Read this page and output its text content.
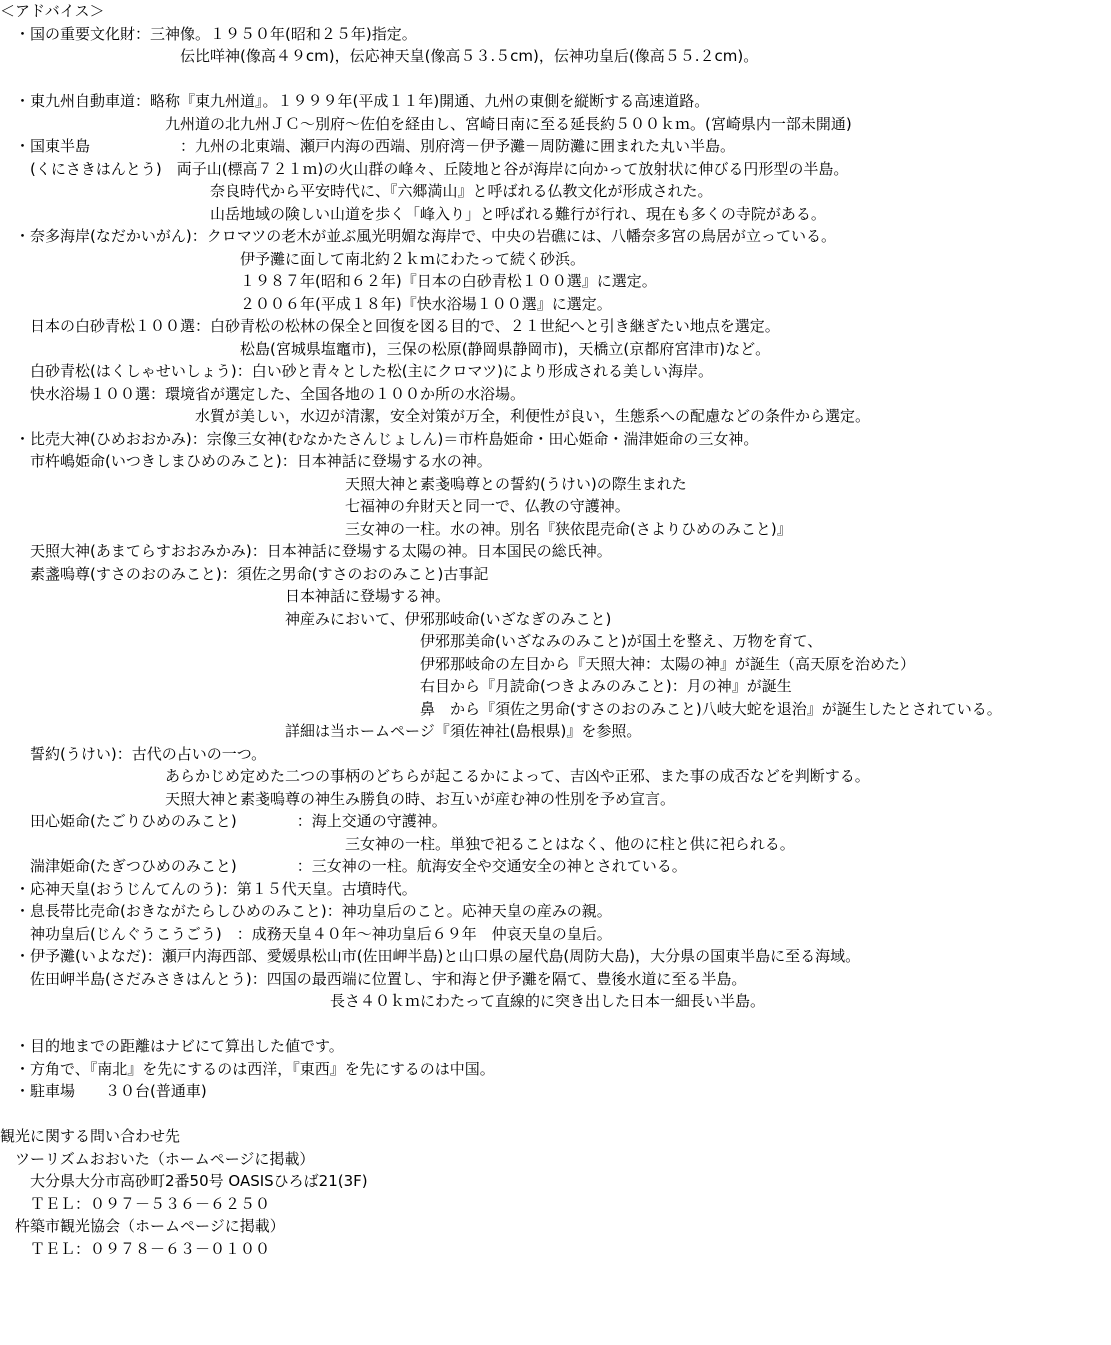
＜アドバイス＞
　・国の重要文化財：三神像。１９５０年(昭和２５年)指定。
　　　　　　　　　　　　伝比咩神(像高４９cm)，伝応神天皇(像高５３.５cm)，伝神功皇后(像高５５.２cm)。
　・東九州自動車道：略称『東九州道』。１９９９年(平成１１年)開通、九州の東側を縦断する高速道路。
　　　　　　　　　　　九州道の北九州ＪＣ～別府～佐伯を経由し、宮崎日南に至る延長約５００ｋｍ。(宮崎県内一部未開通)
　・国東半島　　　　　　：九州の北東端、瀬戸内海の西端、別府湾－伊予灘－周防灘に囲まれた丸い半島。
　　(くにさきはんとう)　両子山(標高７２１ｍ)の火山群の峰々、丘陵地と谷が海岸に向かって放射状に伸びる円形型の半島。
　　　　　　　　　　　　　　奈良時代から平安時代に、『六郷満山』と呼ばれる仏教文化が形成された。
　　　　　　　　　　　　　　山岳地域の険しい山道を歩く「峰入り」と呼ばれる難行が行れ、現在も多くの寺院がある。
　・奈多海岸(なだかいがん)：クロマツの老木が並ぶ風光明媚な海岸で、中央の岩礁には、八幡奈多宮の鳥居が立っている。
　　　　　　　　　　　　　　　　伊予灘に面して南北約２ｋｍにわたって続く砂浜。
　　　　　　　　　　　　　　　　１９８７年(昭和６２年)『日本の白砂青松１００選』に選定。
　　　　　　　　　　　　　　　　２００６年(平成１８年)『快水浴場１００選』に選定。
　　日本の白砂青松１００選：白砂青松の松林の保全と回復を図る目的で、２１世紀へと引き継ぎたい地点を選定。
　　　　　　　　　　　　　　　　松島(宮城県塩竈市)，三保の松原(静岡県静岡市)，天橋立(京都府宮津市)など。
　　白砂青松(はくしゃせいしょう)：白い砂と青々とした松(主にクロマツ)により形成される美しい海岸。
　　快水浴場１００選：環境省が選定した、全国各地の１００か所の水浴場。
　　　　　　　　　　　　　水質が美しい，水辺が清潔，安全対策が万全，利便性が良い，生態系への配慮などの条件から選定。
　・比売大神(ひめおおかみ)：宗像三女神(むなかたさんじょしん)＝市杵島姫命・田心姫命・湍津姫命の三女神。
　　市杵嶋姫命(いつきしまひめのみこと)：日本神話に登場する水の神。
　　　　　　　　　　　　　　　　　　　　　　　天照大神と素戔嗚尊との誓約(うけい)の際生まれた
　　　　　　　　　　　　　　　　　　　　　　　七福神の弁財天と同一で、仏教の守護神。
　　　　　　　　　　　　　　　　　　　　　　　三女神の一柱。水の神。別名『狭依毘売命(さよりひめのみこと)』
　　天照大神(あまてらすおおみかみ)：日本神話に登場する太陽の神。日本国民の総氏神。
　　素盞嗚尊(すさのおのみこと)：須佐之男命(すさのおのみこと)古事記
　　　　　　　　　　　　　　　　　　　日本神話に登場する神。
　　　　　　　　　　　　　　　　　　　神産みにおいて、伊邪那岐命(いざなぎのみこと)
　　　　　　　　　　　　　　　　　　　　　　　　　　　　伊邪那美命(いざなみのみこと)が国土を整え、万物を育て、
　　　　　　　　　　　　　　　　　　　　　　　　　　　　伊邪那岐命の左目から『天照大神：太陽の神』が誕生（高天原を治めた）
　　　　　　　　　　　　　　　　　　　　　　　　　　　　右目から『月読命(つきよみのみこと)：月の神』が誕生
　　　　　　　　　　　　　　　　　　　　　　　　　　　　鼻　から『須佐之男命(すさのおのみこと)八岐大蛇を退治』が誕生したとされている。
　　　　　　　　　　　　　　　　　　　詳細は当ホームページ『須佐神社(島根県)』を参照。
　　誓約(うけい)：古代の占いの一つ。
　　　　　　　　　　　あらかじめ定めた二つの事柄のどちらが起こるかによって、吉凶や正邪、また事の成否などを判断する。
　　　　　　　　　　　天照大神と素戔嗚尊の神生み勝負の時、お互いが産む神の性別を予め宣言。
　　田心姫命(たごりひめのみこと)　　　　：海上交通の守護神。
　　　　　　　　　　　　　　　　　　　　　　　三女神の一柱。単独で祀ることはなく、他のに柱と供に祀られる。
　　湍津姫命(たぎつひめのみこと)　　　　：三女神の一柱。航海安全や交通安全の神とされている。
　・応神天皇(おうじんてんのう)：第１５代天皇。古墳時代。
　・息長帯比売命(おきながたらしひめのみこと)：神功皇后のこと。応神天皇の産みの親。
　　神功皇后(じんぐうこうごう)　：成務天皇４０年～神功皇后６９年　仲哀天皇の皇后。
　・伊予灘(いよなだ)：瀬戸内海西部、愛媛県松山市(佐田岬半島)と山口県の屋代島(周防大島)，大分県の国東半島に至る海域。
　　佐田岬半島(さだみさきはんとう)：四国の最西端に位置し、宇和海と伊予灘を隔て、豊後水道に至る半島。
　　　　　　　　　　　　　　　　　　　　　　長さ４０ｋｍにわたって直線的に突き出した日本一細長い半島。
　・目的地までの距離はナビにて算出した値です。
　・方角で、『南北』を先にするのは西洋，『東西』を先にするのは中国。
　・駐車場　　３０台(普通車)
観光に関する問い合わせ先
　ツーリズムおおいた（ホームページに掲載）
　　大分県大分市高砂町2番50号 OASISひろば21(3F)
　　ＴＥＬ：０９７－５３６－６２５０
　杵築市観光協会（ホームページに掲載）
　　ＴＥＬ：０９７８－６３－０１００
